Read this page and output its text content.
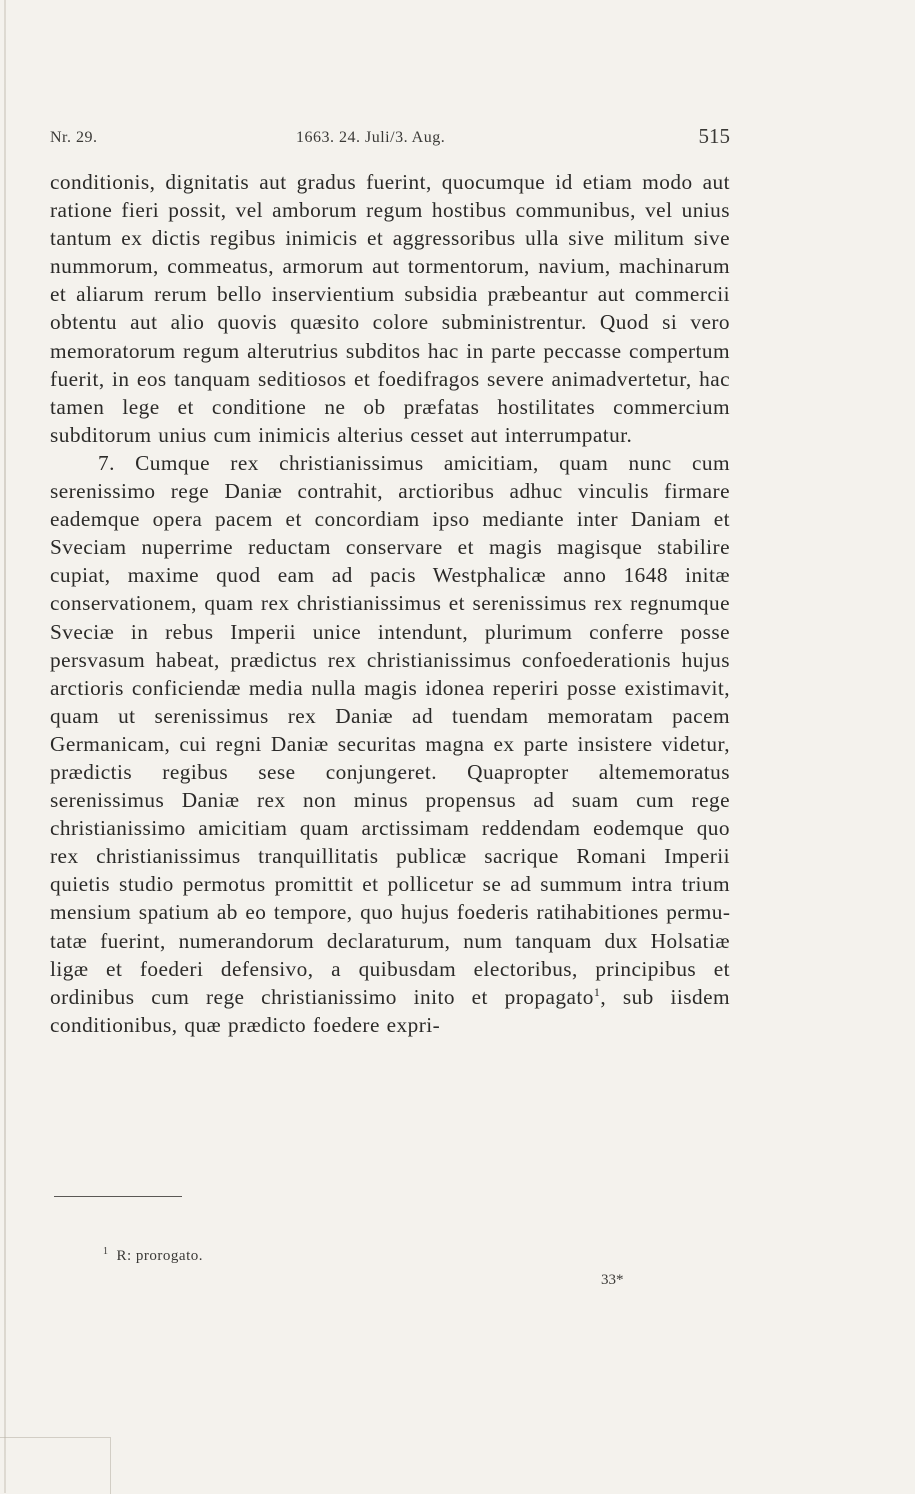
Nr. 29.	1663. 24. Juli/3. Aug.	515

conditionis, dignitatis aut gradus fuerint, quocumque id etiam modo aut ratione fieri possit, vel amborum regum hostibus communibus, vel unius tantum ex dictis regibus inimicis et aggressoribus ulla sive militum sive nummorum, commeatus, armorum aut tormentorum, navium, machinarum et aliarum rerum bello inservientium subsidia præbeantur aut commercii obtentu aut alio quovis quæsito colore subministrentur. Quod si vero memoratorum regum alterutrius subditos hac in parte peccasse compertum fuerit, in eos tanquam seditiosos et foedifragos severe animadvertetur, hac tamen lege et conditione ne ob præfatas hostilitates commercium subditorum unius cum inimicis alterius cesset aut interrumpatur.

7. Cumque rex christianissimus amicitiam, quam nunc cum serenissimo rege Daniæ contrahit, arctioribus adhuc vinculis firmare eademque opera pacem et concordiam ipso mediante inter Daniam et Sveciam nuperrime reductam conservare et magis magisque stabilire cupiat, maxime quod eam ad pacis Westphalicæ anno 1648 initæ conservationem, quam rex christianissimus et serenissimus rex regnumque Sveciæ in rebus Imperii unice intendunt, plurimum conferre posse persvasum habeat, prædictus rex christianissimus confoederationis hujus arctioris conficiendæ media nulla magis idonea reperiri posse existimavit, quam ut serenissimus rex Daniæ ad tuendam memoratam pacem Germanicam, cui regni Daniæ securitas magna ex parte insistere videtur, prædictis regibus sese conjungeret. Quapropter altememoratus serenissimus Daniæ rex non minus propensus ad suam cum rege christianissimo amicitiam quam arctissimam reddendam eodemque quo rex christianissimus tranquillitatis publicæ sacrique Romani Imperii quietis studio permotus promittit et pollicetur se ad summum intra trium mensium spatium ab eo tempore, quo hujus foederis ratihabitiones permutatæ fuerint, numerandorum declaraturum, num tanquam dux Holsatiæ ligæ et foederi defensivo, a quibusdam electoribus, principibus et ordinibus cum rege christianissimo inito et propagato$^1$, sub iisdem conditionibus, quæ prædicto foedere expri-

$^1$ R: prorogato.
33*
